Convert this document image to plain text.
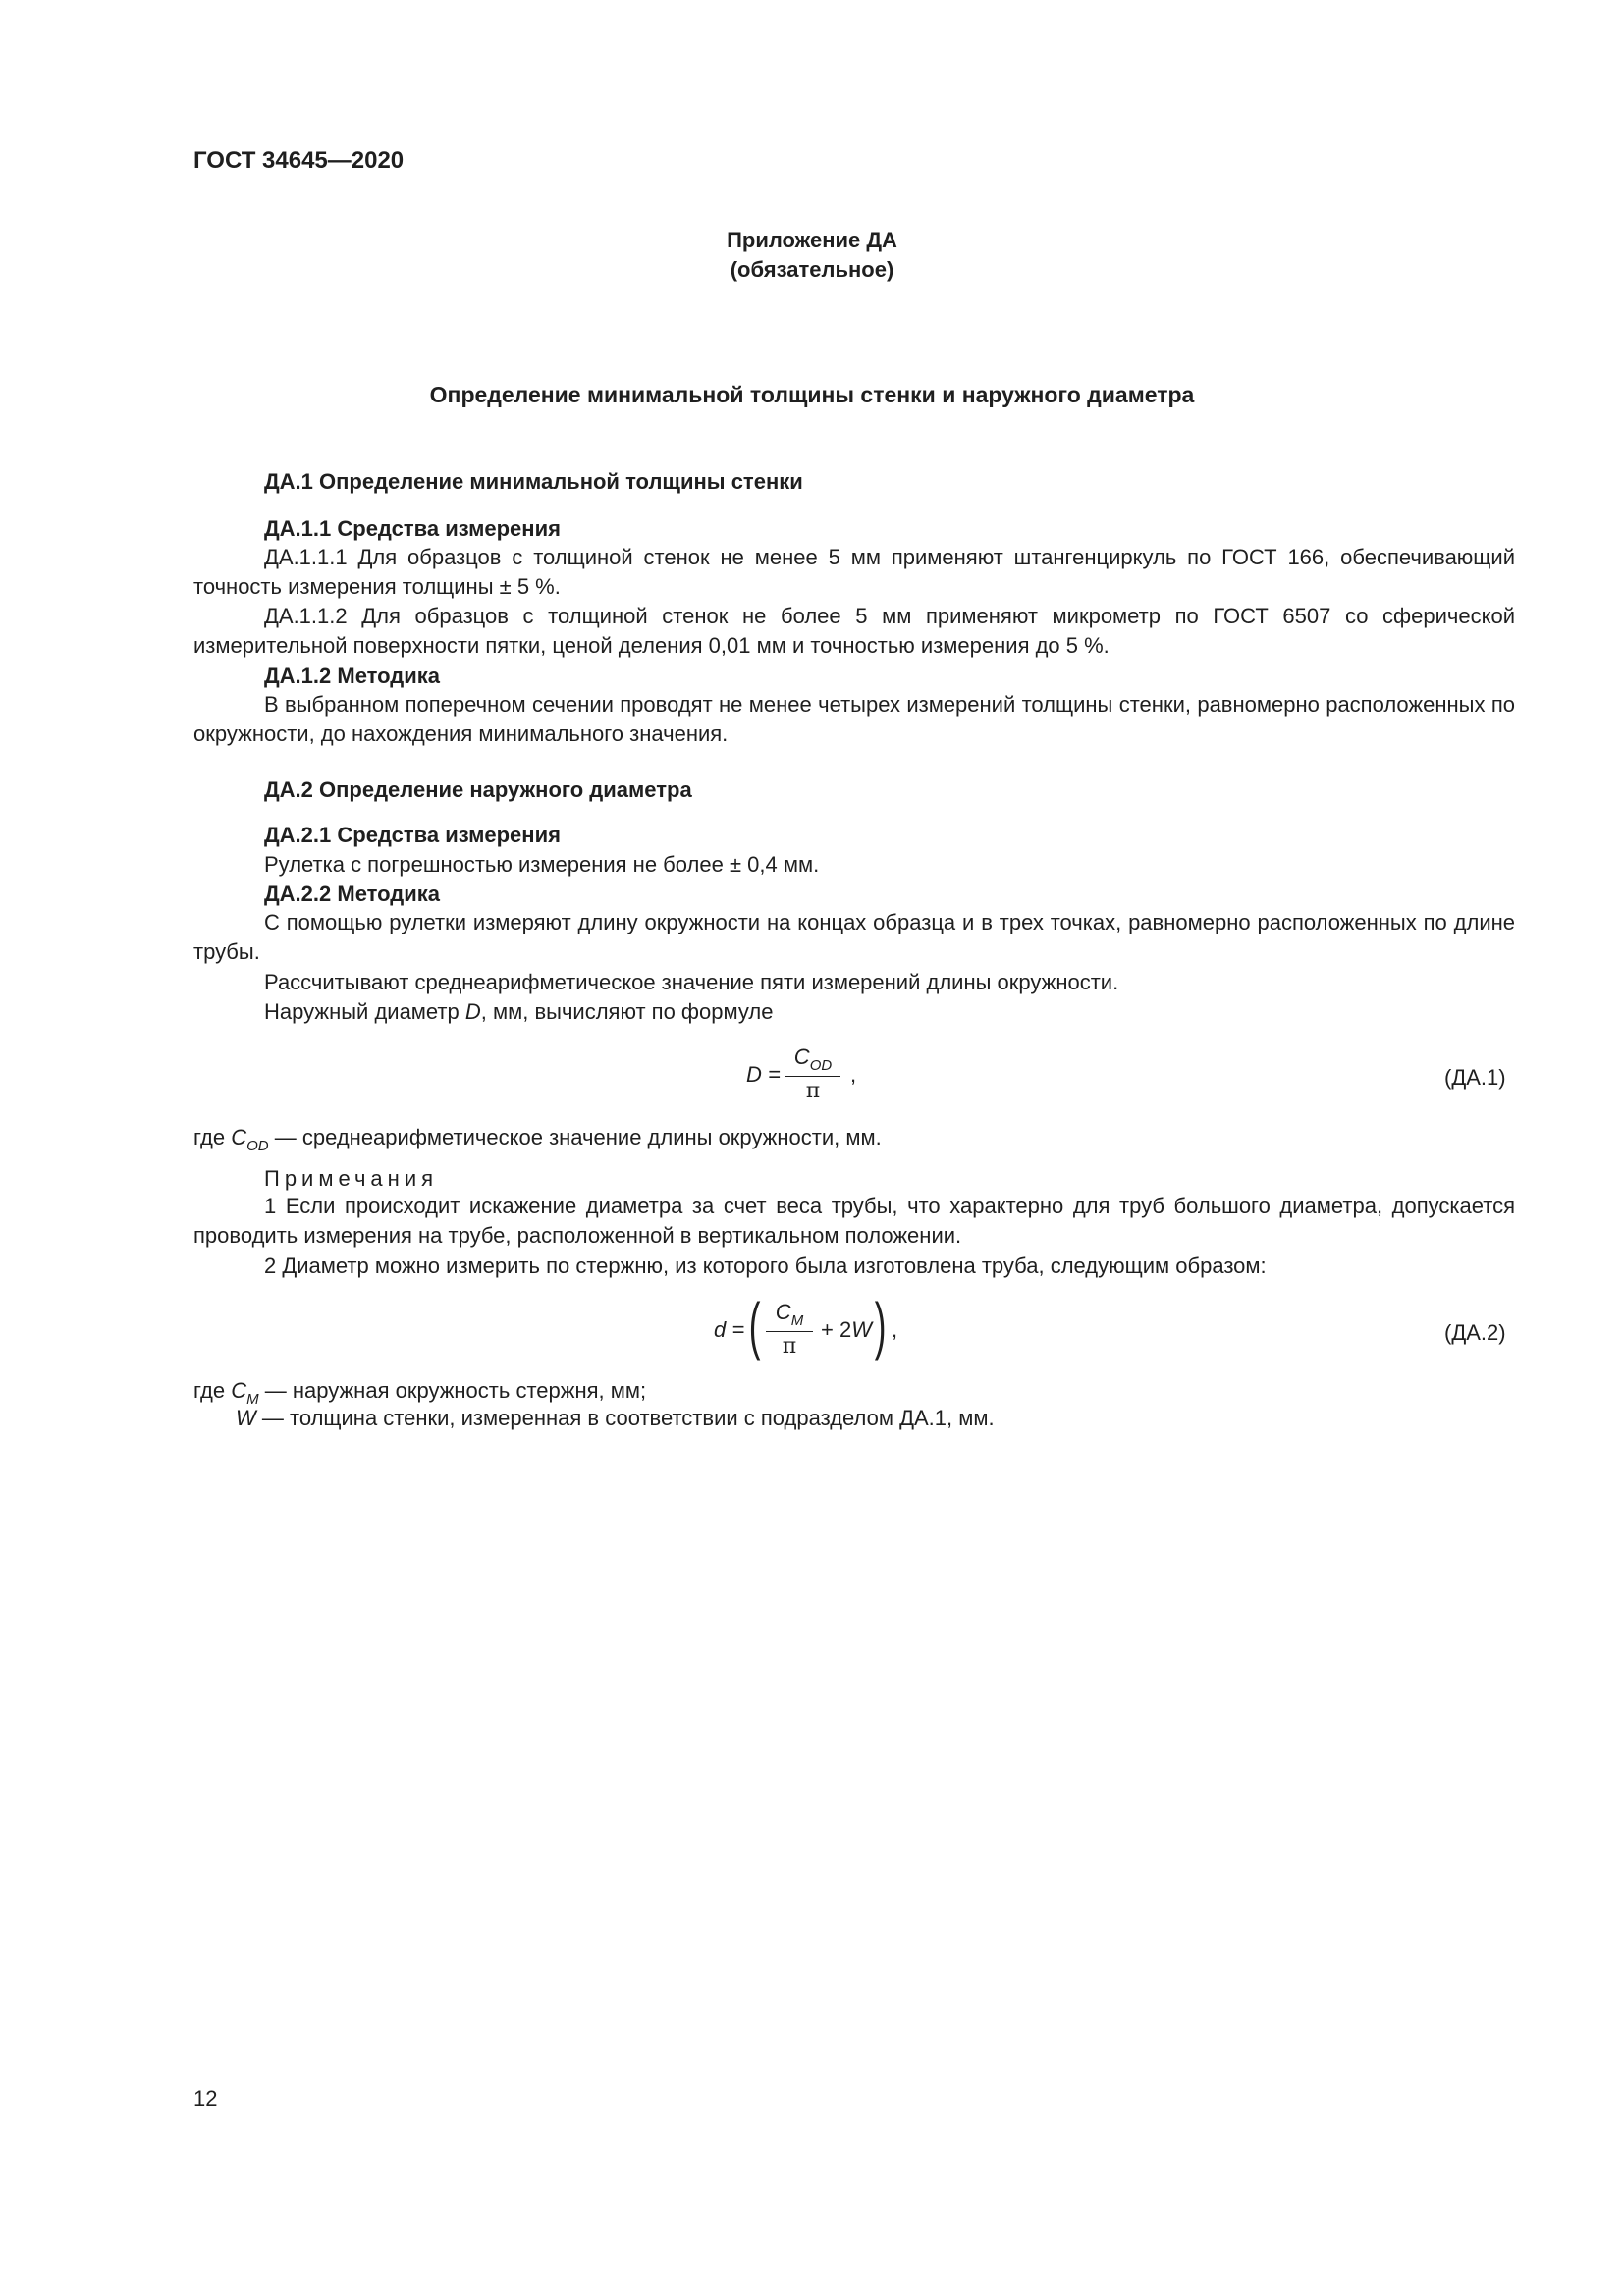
ГОСТ 34645—2020
Приложение ДА
(обязательное)
Определение минимальной толщины стенки и наружного диаметра
ДА.1 Определение минимальной толщины стенки
ДА.1.1 Средства измерения
ДА.1.1.1 Для образцов с толщиной стенок не менее 5 мм применяют штангенциркуль по ГОСТ 166, обеспечивающий точность измерения толщины ± 5 %.
ДА.1.1.2 Для образцов с толщиной стенок не более 5 мм применяют микрометр по ГОСТ 6507 со сферической измерительной поверхности пятки, ценой деления 0,01 мм и точностью измерения до 5 %.
ДА.1.2 Методика
В выбранном поперечном сечении проводят не менее четырех измерений толщины стенки, равномерно расположенных по окружности, до нахождения минимального значения.
ДА.2 Определение наружного диаметра
ДА.2.1 Средства измерения
Рулетка с погрешностью измерения не более ± 0,4 мм.
ДА.2.2 Методика
С помощью рулетки измеряют длину окружности на концах образца и в трех точках, равномерно расположенных по длине трубы.
Рассчитывают среднеарифметическое значение пяти измерений длины окружности.
Наружный диаметр D, мм, вычисляют по формуле
D =
$C_{OD}$
π
,	(ДА.1)
где $C_{OD}$ — среднеарифметическое значение длины окружности, мм.
Примечания
1 Если происходит искажение диаметра за счет веса трубы, что характерно для труб большого диаметра, допускается проводить измерения на трубе, расположенной в вертикальном положении.
2 Диаметр можно измерить по стержню, из которого была изготовлена труба, следующим образом:
d = ( $\frac{C_M}{\pi} + 2W$ ) ,	(ДА.2)
где $C_M$ — наружная окружность стержня, мм;
W — толщина стенки, измеренная в соответствии с подразделом ДА.1, мм.
12
